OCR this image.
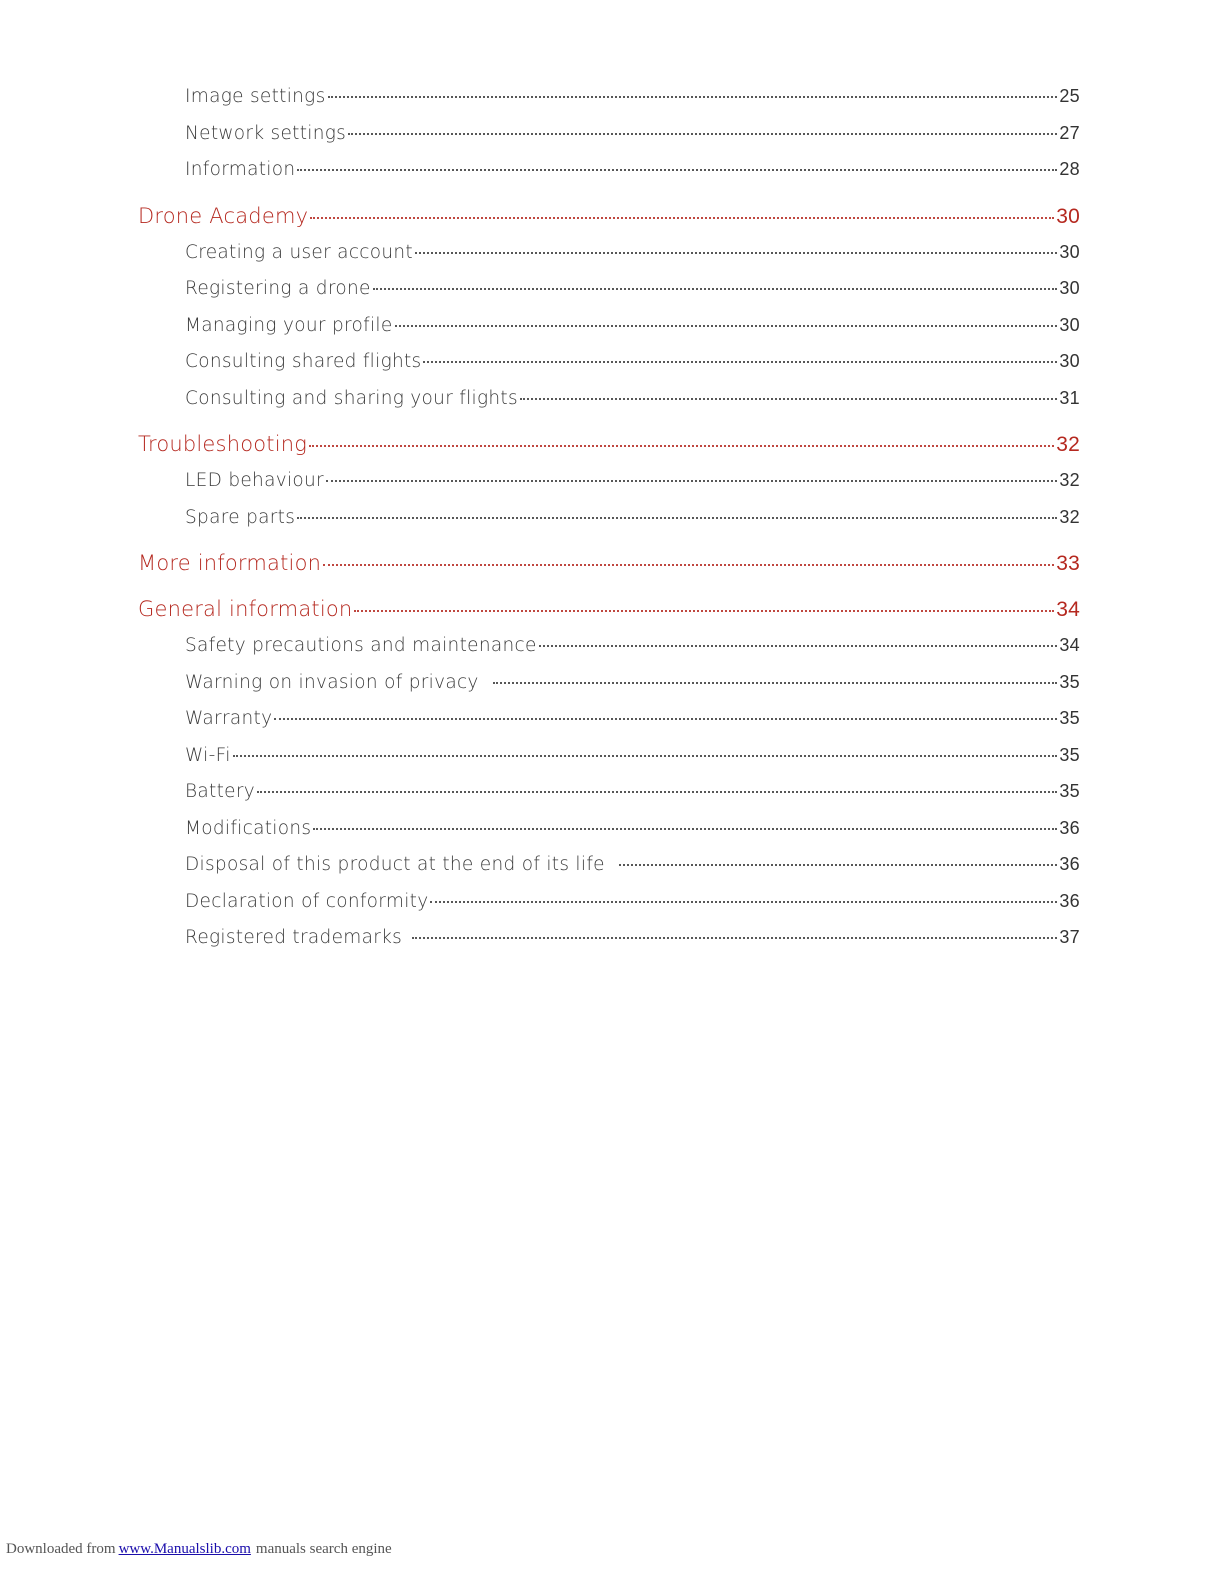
Image settings	25
Network settings	27
Information	28
Drone Academy	30
Creating a user account	30
Registering a drone	30
Managing your profile	30
Consulting shared flights	30
Consulting and sharing your flights	31
Troubleshooting	32
LED behaviour	32
Spare parts	32
More information	33
General information	34
Safety precautions and maintenance	34
Warning on invasion of privacy	35
Warranty	35
Wi-Fi	35
Battery	35
Modifications	36
Disposal of this product at the end of its life	36
Declaration of conformity	36
Registered trademarks	37
Downloaded from www.Manualslib.com manuals search engine
